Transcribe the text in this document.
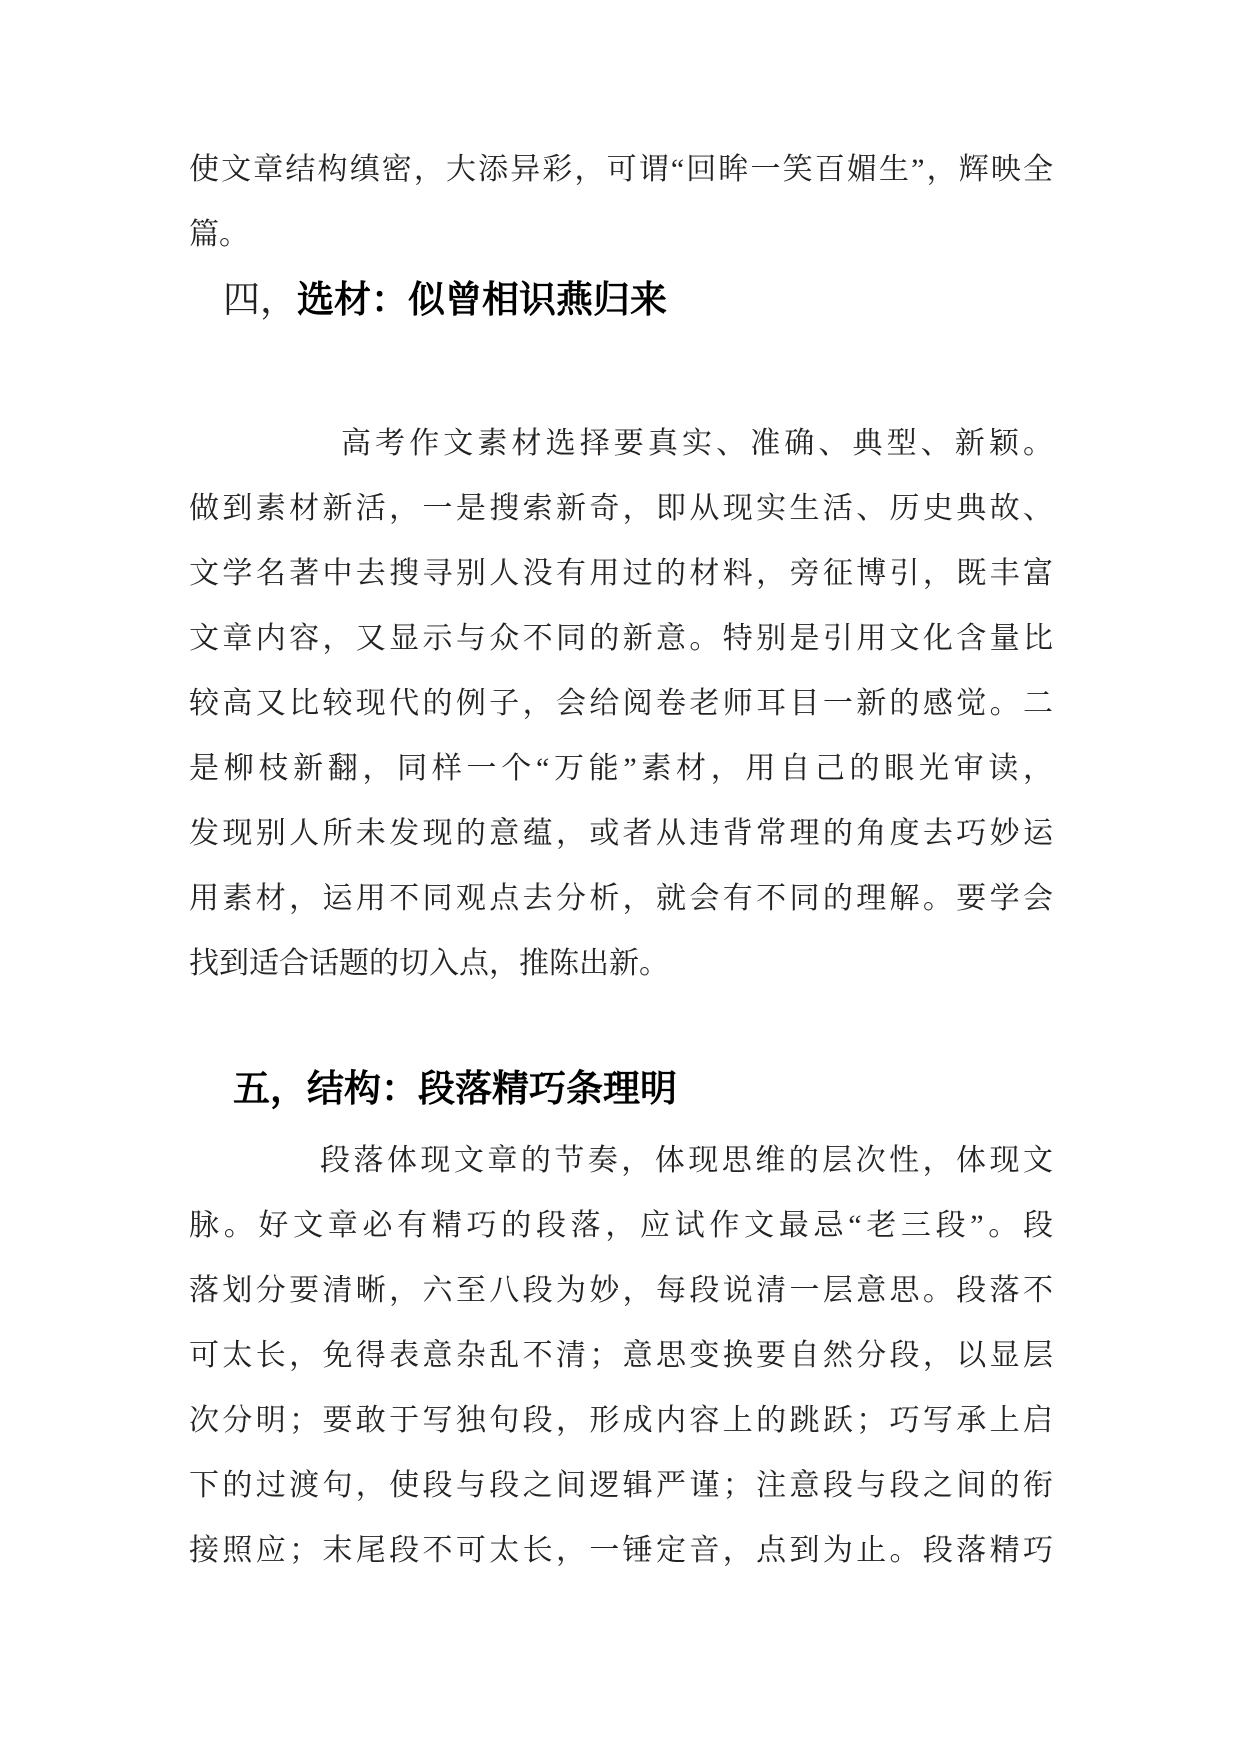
使文章结构缜密，大添异彩，可谓“回眸一笑百媚生”，辉映全
篇。

四，选材：似曾相识燕归来

高考作文素材选择要真实、准确、典型、新颖。
做到素材新活，一是搜索新奇，即从现实生活、历史典故、
文学名著中去搜寻别人没有用过的材料，旁征博引，既丰富
文章内容，又显示与众不同的新意。特别是引用文化含量比
较高又比较现代的例子，会给阅卷老师耳目一新的感觉。二
是柳枝新翻，同样一个“万能”素材，用自己的眼光审读，
发现别人所未发现的意蕴，或者从违背常理的角度去巧妙运
用素材，运用不同观点去分析，就会有不同的理解。要学会
找到适合话题的切入点，推陈出新。

五，结构：段落精巧条理明

段落体现文章的节奏，体现思维的层次性，体现文
脉。好文章必有精巧的段落，应试作文最忌“老三段”。段
落划分要清晰，六至八段为妙，每段说清一层意思。段落不
可太长，免得表意杂乱不清；意思变换要自然分段，以显层
次分明；要敢于写独句段，形成内容上的跳跃；巧写承上启
下的过渡句，使段与段之间逻辑严谨；注意段与段之间的衔
接照应；末尾段不可太长，一锤定音，点到为止。段落精巧
